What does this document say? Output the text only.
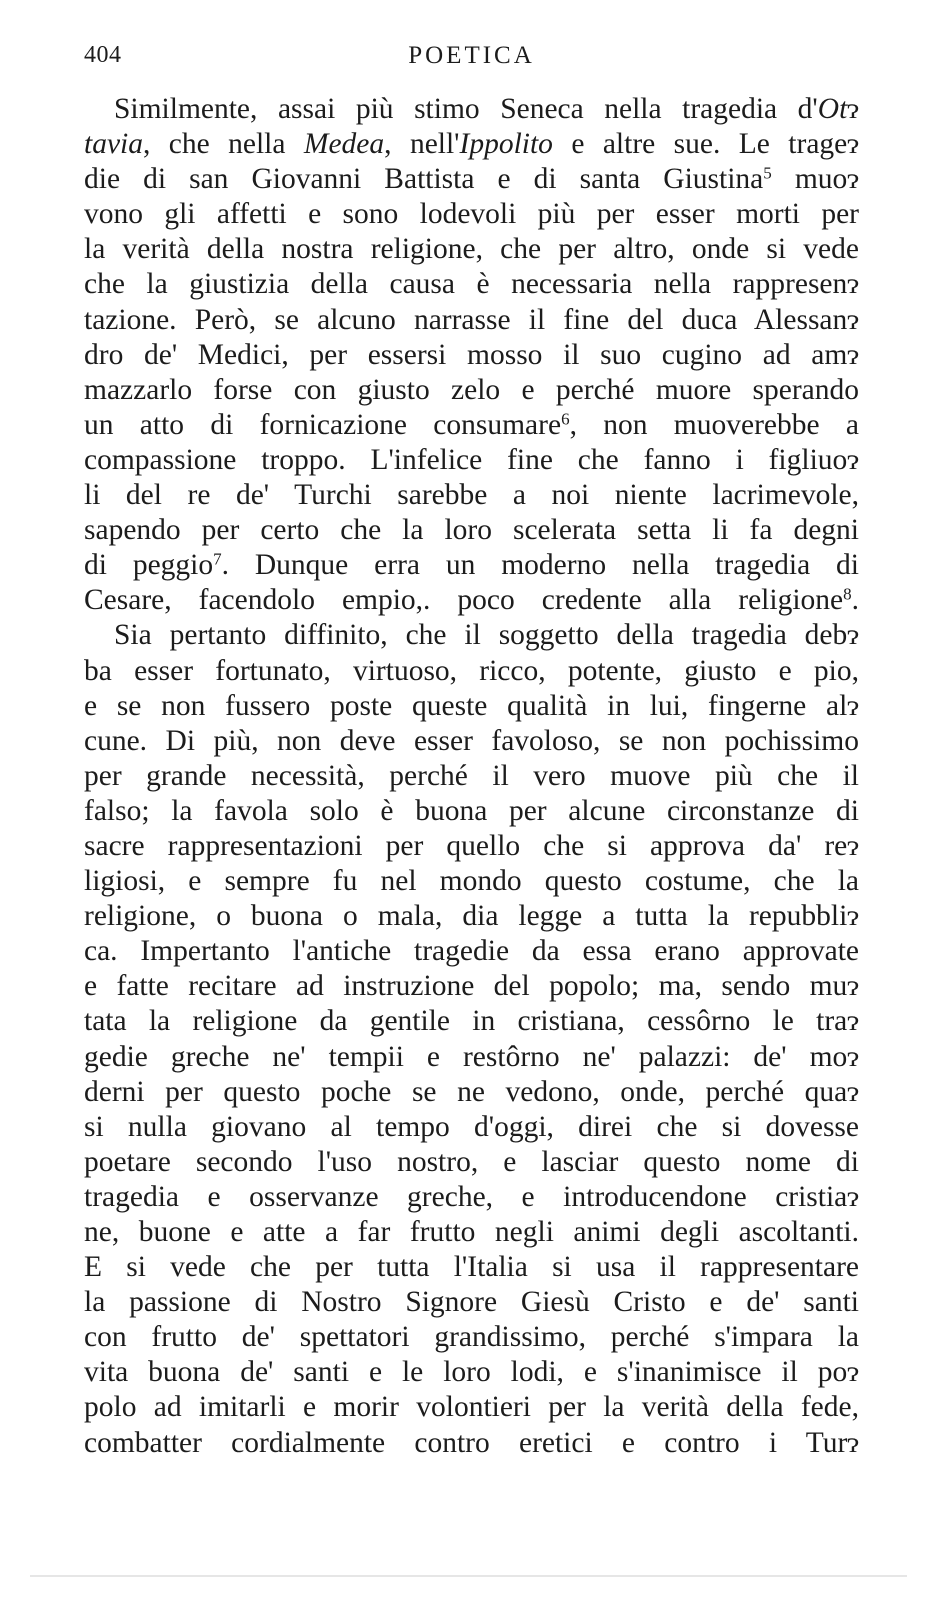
404	POETICA
Similmente, assai più stimo Seneca nella tragedia d'Otɂ
tavia, che nella Medea, nell'Ippolito e altre sue. Le trageɂ
die di san Giovanni Battista e di santa Giustina$^5$ muoɂ
vono gli affetti e sono lodevoli più per esser morti per
la verità della nostra religione, che per altro, onde si vede
che la giustizia della causa è necessaria nella rappresenɂ
tazione. Però, se alcuno narrasse il fine del duca Alessanɂ
dro de' Medici, per essersi mosso il suo cugino ad amɂ
mazzarlo forse con giusto zelo e perché muore sperando
un atto di fornicazione consumare$^6$, non muoverebbe a
compassione troppo. L'infelice fine che fanno i figliuoɂ
li del re de' Turchi sarebbe a noi niente lacrimevole,
sapendo per certo che la loro scelerata setta li fa degni
di peggio$^7$. Dunque erra un moderno nella tragedia di
Cesare, facendolo empio,. poco credente alla religione$^8$.
Sia pertanto diffinito, che il soggetto della tragedia debɂ
ba esser fortunato, virtuoso, ricco, potente, giusto e pio,
e se non fussero poste queste qualità in lui, fingerne alɂ
cune. Di più, non deve esser favoloso, se non pochissimo
per grande necessità, perché il vero muove più che il
falso; la favola solo è buona per alcune circonstanze di
sacre rappresentazioni per quello che si approva da' reɂ
ligiosi, e sempre fu nel mondo questo costume, che la
religione, o buona o mala, dia legge a tutta la repubbliɂ
ca. Impertanto l'antiche tragedie da essa erano approvate
e fatte recitare ad instruzione del popolo; ma, sendo muɂ
tata la religione da gentile in cristiana, cessôrno le traɂ
gedie greche ne' tempii e restôrno ne' palazzi: de' moɂ
derni per questo poche se ne vedono, onde, perché quaɂ
si nulla giovano al tempo d'oggi, direi che si dovesse
poetare secondo l'uso nostro, e lasciar questo nome di
tragedia e osservanze greche, e introducendone cristiaɂ
ne, buone e atte a far frutto negli animi degli ascoltanti.
E si vede che per tutta l'Italia si usa il rappresentare
la passione di Nostro Signore Giesù Cristo e de' santi
con frutto de' spettatori grandissimo, perché s'impara la
vita buona de' santi e le loro lodi, e s'inanimisce il poɂ
polo ad imitarli e morir volontieri per la verità della fede,
combatter cordialmente contro eretici e contro i Turɂ
